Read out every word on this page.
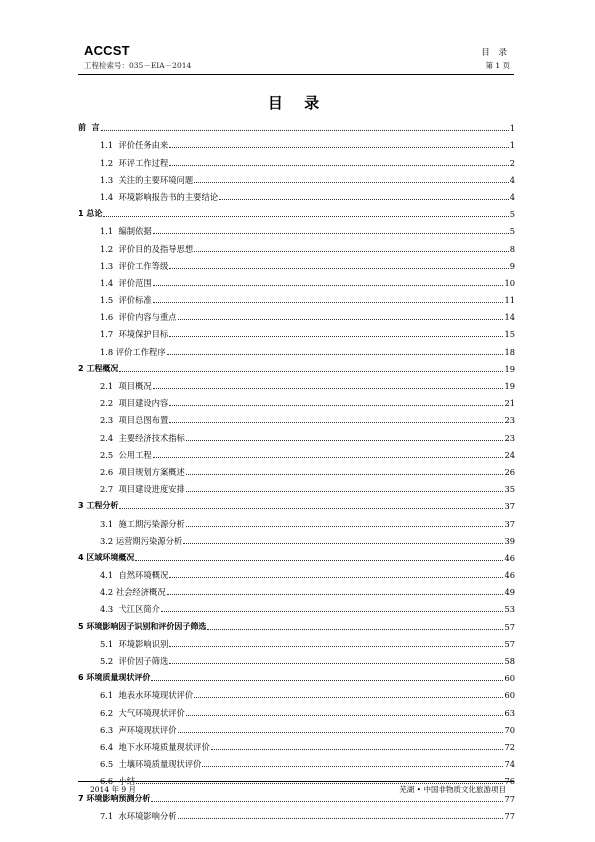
ACCST
工程检索号：035－EIA－2014
目 录
第 1 页
目 录
前  言	1
1.1  评价任务由来	1
1.2  环评工作过程	2
1.3  关注的主要环境问题	4
1.4  环境影响报告书的主要结论	4
1 总论	5
1.1  编制依据	5
1.2  评价目的及指导思想	8
1.3  评价工作等级	9
1.4  评价范围	10
1.5  评价标准	11
1.6  评价内容与重点	14
1.7  环境保护目标	15
1.8 评价工作程序	18
2 工程概况	19
2.1  项目概况	19
2.2  项目建设内容	21
2.3  项目总图布置	23
2.4  主要经济技术指标	23
2.5  公用工程	24
2.6  项目规划方案概述	26
2.7  项目建设进度安排	35
3 工程分析	37
3.1  施工期污染源分析	37
3.2 运营期污染源分析	39
4 区域环境概况	46
4.1  自然环境概况	46
4.2 社会经济概况	49
4.3  弋江区简介	53
5 环境影响因子识别和评价因子筛选	57
5.1  环境影响识别	57
5.2  评价因子筛选	58
6 环境质量现状评价	60
6.1  地表水环境现状评价	60
6.2  大气环境现状评价	63
6.3  声环境现状评价	70
6.4  地下水环境质量现状评价	72
6.5  土壤环境质量现状评价	74
6.6  小结	76
7 环境影响预测分析	77
7.1  水环境影响分析	77
2014 年 9 月	芜湖 • 中国非物质文化旅游项目
